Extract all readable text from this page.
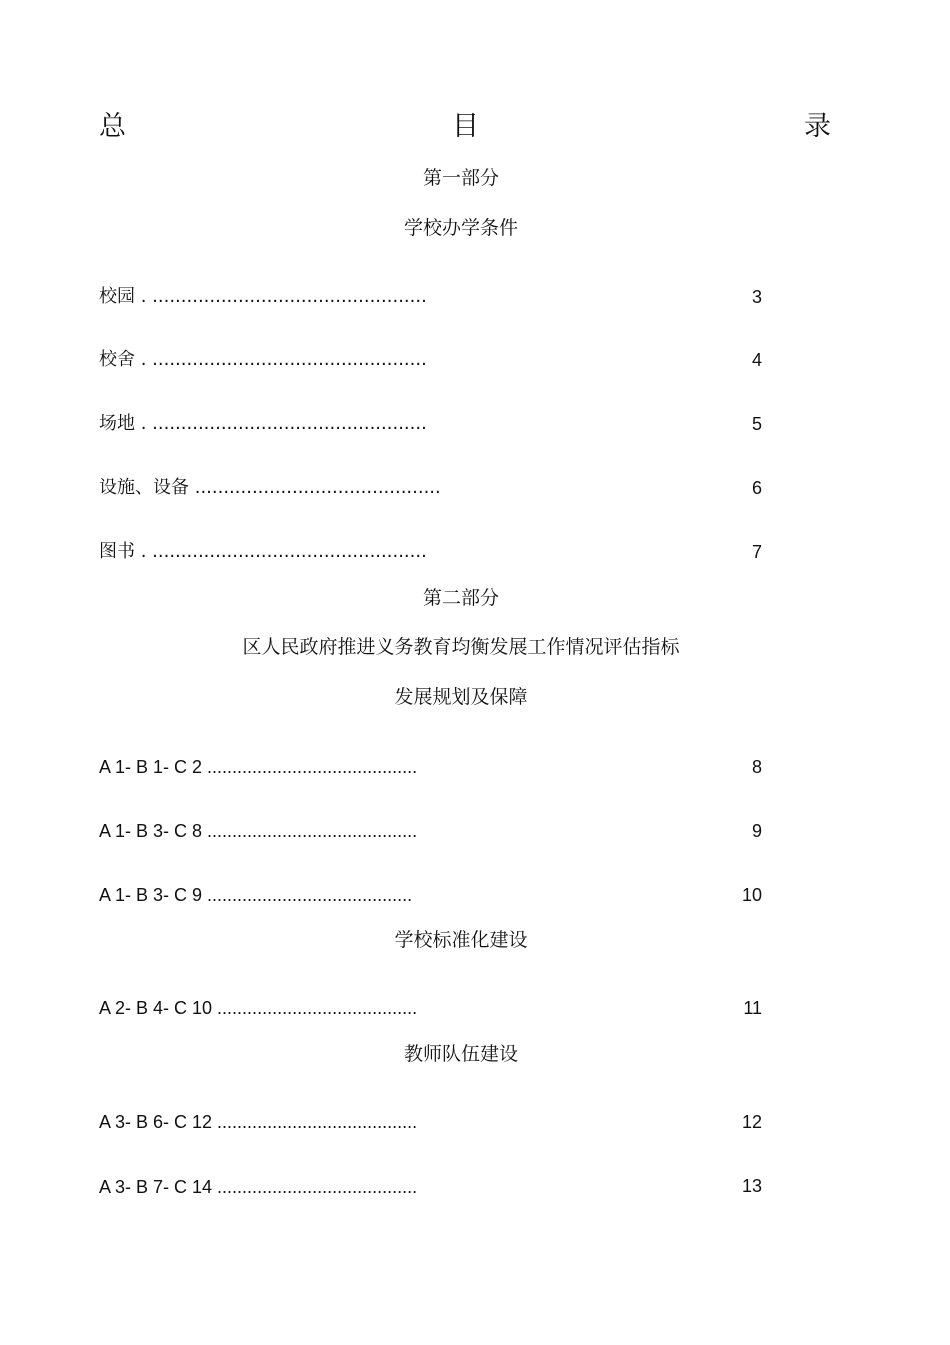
总	目	录
第一部分
学校办学条件
校园 . ................................................	3
校舍 . ................................................	4
场地 . ................................................	5
设施、设备 ...........................................	6
图书 . ................................................	7
第二部分
区人民政府推进义务教育均衡发展工作情况评估指标
发展规划及保障
A 1- B 1- C 2 ..........................................	8
A 1- B 3- C 8 ..........................................	9
A 1- B 3- C 9 .........................................	10
学校标准化建设
A 2- B 4- C 10 ........................................	11
教师队伍建设
A 3- B 6- C 12 ........................................	12
A 3- B 7- C 14 ........................................	13
